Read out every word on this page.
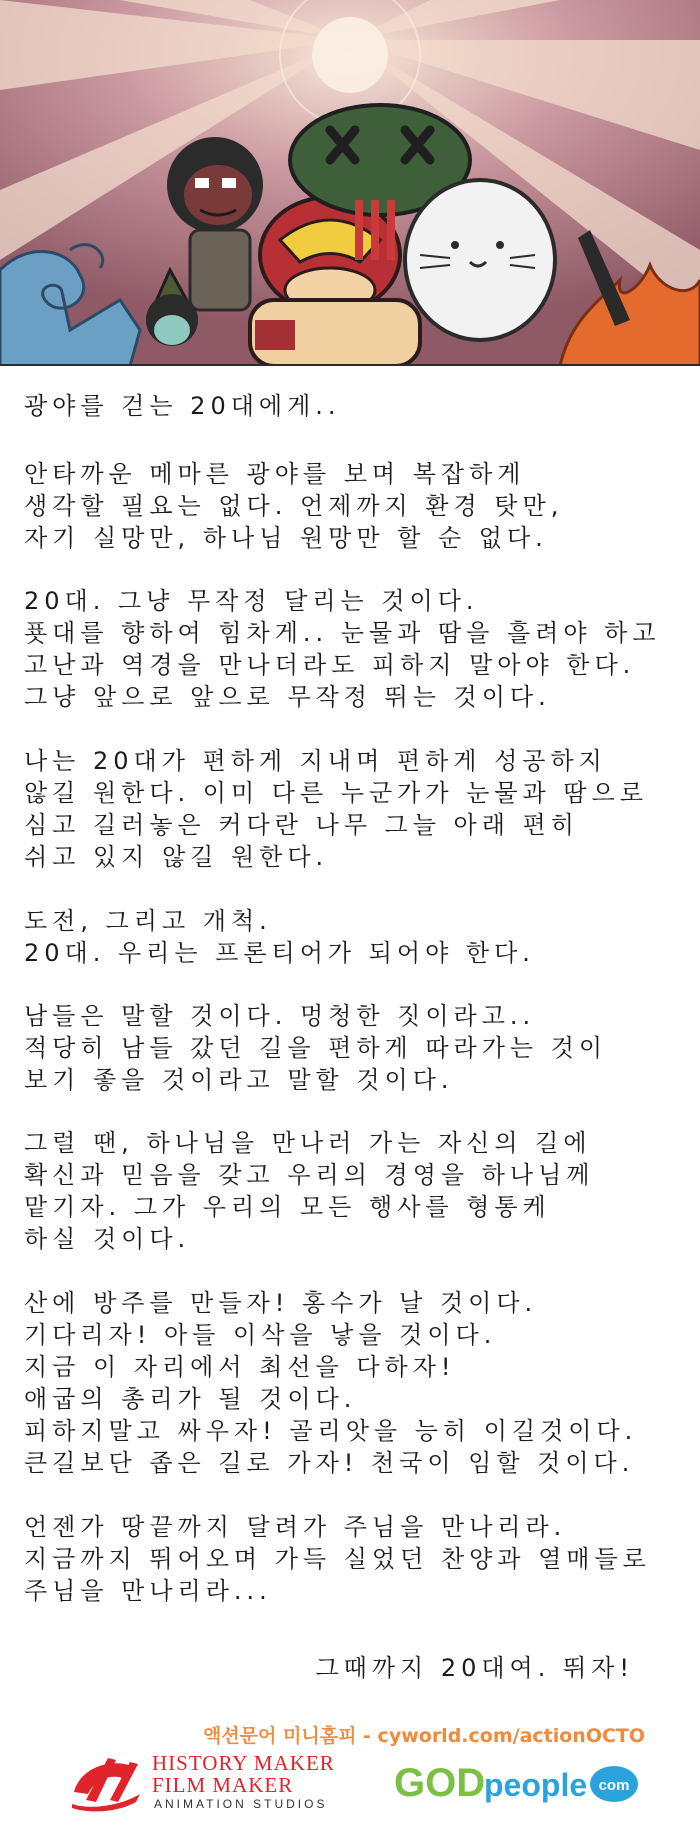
광야를 걷는 20대에게..
안타까운 메마른 광야를 보며 복잡하게
생각할 필요는 없다. 언제까지 환경 탓만,
자기 실망만, 하나님 원망만 할 순 없다.
20대. 그냥 무작정 달리는 것이다.
푯대를 향하여 힘차게.. 눈물과 땀을 흘려야 하고
고난과 역경을 만나더라도 피하지 말아야 한다.
그냥 앞으로 앞으로 무작정 뛰는 것이다.
나는 20대가 편하게 지내며 편하게 성공하지
않길 원한다. 이미 다른 누군가가 눈물과 땀으로
심고 길러놓은 커다란 나무 그늘 아래 편히
쉬고 있지 않길 원한다.
도전, 그리고 개척.
20대. 우리는 프론티어가 되어야 한다.
남들은 말할 것이다. 멍청한 짓이라고..
적당히 남들 갔던 길을 편하게 따라가는 것이
보기 좋을 것이라고 말할 것이다.
그럴 땐, 하나님을 만나러 가는 자신의 길에
확신과 믿음을 갖고 우리의 경영을 하나님께
맡기자. 그가 우리의 모든 행사를 형통케
하실 것이다.
산에 방주를 만들자! 홍수가 날 것이다.
기다리자! 아들 이삭을 낳을 것이다.
지금 이 자리에서 최선을 다하자!
애굽의 총리가 될 것이다.
피하지말고 싸우자! 골리앗을 능히 이길것이다.
큰길보단 좁은 길로 가자! 천국이 임할 것이다.
언젠가 땅끝까지 달려가 주님을 만나리라.
지금까지 뛰어오며 가득 실었던 찬양과 열매들로
주님을 만나리라...
그때까지 20대여. 뛰자!
액션문어 미니홈피 - cyworld.com/actionOCTO
HISTORY MAKER
FILM MAKER
ANIMATION STUDIOS GOD
people com
